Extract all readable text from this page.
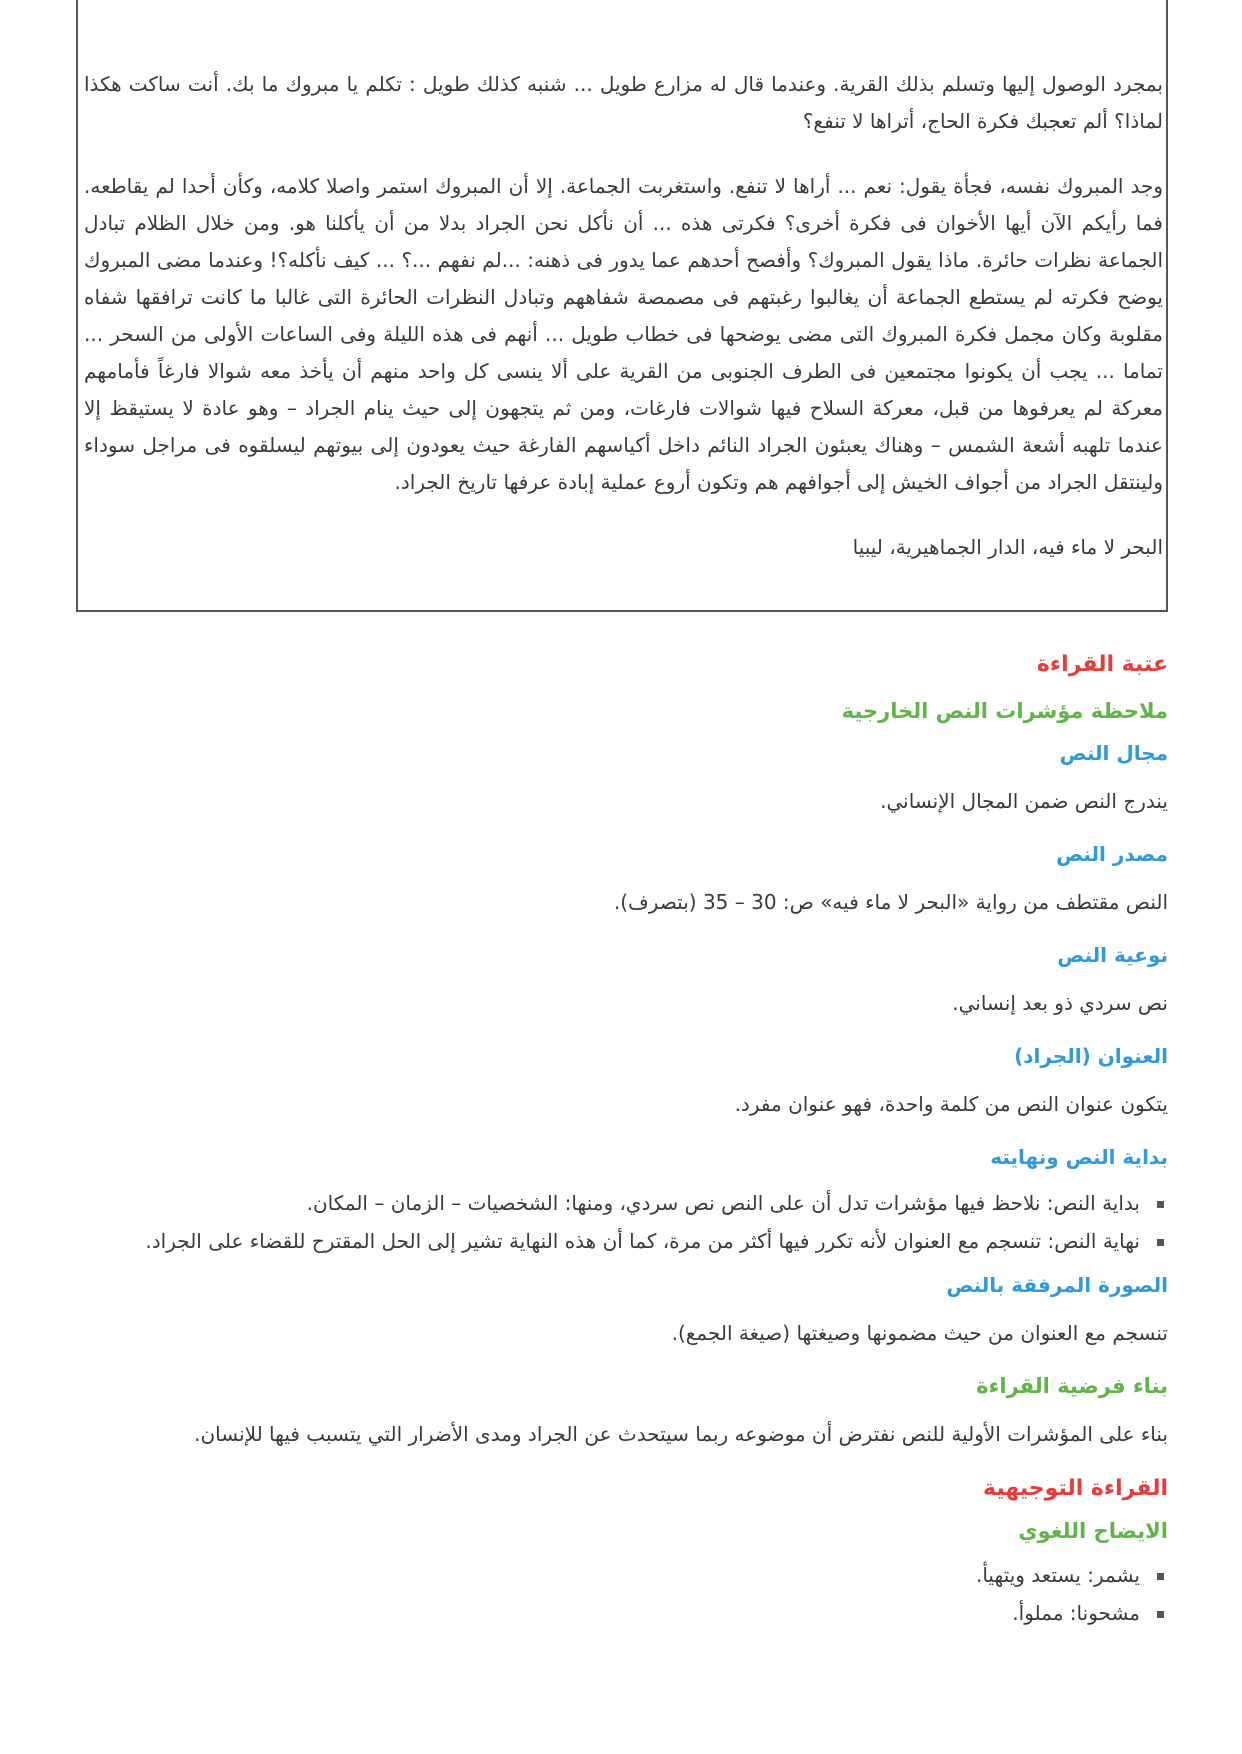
بمجرد الوصول إليها وتسلم بذلك القرية. وعندما قال له مزارع طويل ... شنبه كذلك طويل : تكلم يا مبروك ما بك. أنت ساكت هكذا لماذا؟ ألم تعجبك فكرة الحاج، أتراها لا تنفع؟

وجد المبروك نفسه، فجأة يقول: نعم ... أراها لا تنفع. واستغربت الجماعة. إلا أن المبروك استمر واصلا كلامه، وكأن أحدا لم يقاطعه. فما رأيكم الآن أيها الأخوان فى فكرة أخرى؟ فكرتى هذه ... أن نأكل نحن الجراد بدلا من أن يأكلنا هو. ومن خلال الظلام تبادل الجماعة نظرات حائرة. ماذا يقول المبروك؟ وأفصح أحدهم عما يدور فى ذهنه: ...لم نفهم ...؟ ... كيف نأكله؟! وعندما مضى المبروك يوضح فكرته لم يستطع الجماعة أن يغالبوا رغبتهم فى مصمصة شفاههم وتبادل النظرات الحائرة التى غالبا ما كانت ترافقها شفاه مقلوبة وكان مجمل فكرة المبروك التى مضى يوضحها فى خطاب طويل ... أنهم فى هذه الليلة وفى الساعات الأولى من السحر ... تماما ... يجب أن يكونوا مجتمعين فى الطرف الجنوبى من القرية على ألا ينسى كل واحد منهم أن يأخذ معه شوالا فارغاً فأمامهم معركة لم يعرفوها من قبل، معركة السلاح فيها شوالات فارغات، ومن ثم يتجهون إلى حيث ينام الجراد – وهو عادة لا يستيقظ إلا عندما تلهبه أشعة الشمس – وهناك يعبئون الجراد النائم داخل أكياسهم الفارغة حيث يعودون إلى بيوتهم ليسلقوه فى مراجل سوداء ولينتقل الجراد من أجواف الخيش إلى أجوافهم هم وتكون أروع عملية إبادة عرفها تاريخ الجراد.

البحر لا ماء فيه، الدار الجماهيرية، ليبيا

عتبة القراءة
ملاحظة مؤشرات النص الخارجية
مجال النص

يندرج النص ضمن المجال الإنساني.

مصدر النص

النص مقتطف من رواية «البحر لا ماء فيه» ص: 30 – 35 (بتصرف).

نوعية النص

نص سردي ذو بعد إنساني.

العنوان (الجراد)

يتكون عنوان النص من كلمة واحدة، فهو عنوان مفرد.

بداية النص ونهايته
بداية النص: نلاحظ فيها مؤشرات تدل أن على النص نص سردي، ومنها: الشخصيات – الزمان – المكان.
نهاية النص: تنسجم مع العنوان لأنه تكرر فيها أكثر من مرة، كما أن هذه النهاية تشير إلى الحل المقترح للقضاء على الجراد.
الصورة المرفقة بالنص

تنسجم مع العنوان من حيث مضمونها وصيغتها (صيغة الجمع).

بناء فرضية القراءة

بناء على المؤشرات الأولية للنص نفترض أن موضوعه ربما سيتحدث عن الجراد ومدى الأضرار التي يتسبب فيها للإنسان.

القراءة التوجيهية
الايضاح اللغوي
يشمر: يستعد ويتهيأ.
مشحونا: مملوأ.
